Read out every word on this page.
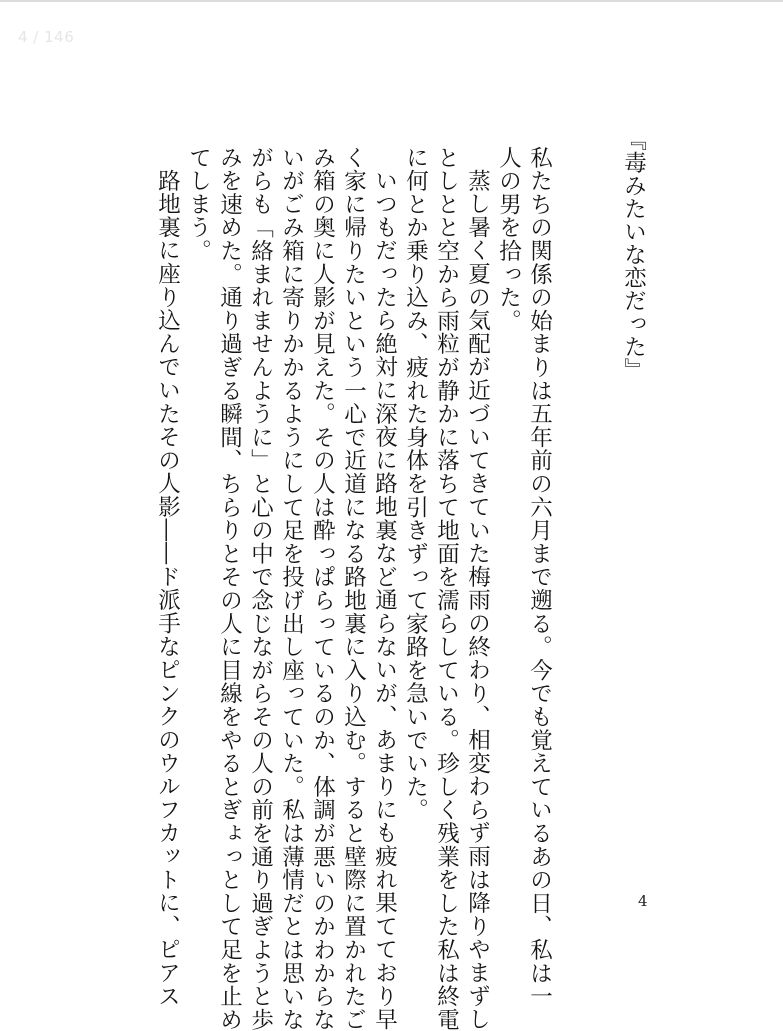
4 / 146
『毒みたいな恋だった』
私たちの関係の始まりは五年前の六月まで遡る。今でも覚えているあの日、私は一
人の男を拾った。
蒸し暑く夏の気配が近づいてきていた梅雨の終わり、相変わらず雨は降りやまずし
としとと空から雨粒が静かに落ちて地面を濡らしている。珍しく残業をした私は終電
に何とか乗り込み、疲れた身体を引きずって家路を急いでいた。
いつもだったら絶対に深夜に路地裏など通らないが、あまりにも疲れ果てており早
く家に帰りたいという一心で近道になる路地裏に入り込む。すると壁際に置かれたご
み箱の奥に人影が見えた。その人は酔っぱらっているのか、体調が悪いのかわからな
いがごみ箱に寄りかかるようにして足を投げ出し座っていた。私は薄情だとは思いな
がらも「絡まれませんように」と心の中で念じながらその人の前を通り過ぎようと歩
みを速めた。通り過ぎる瞬間、ちらりとその人に目線をやるとぎょっとして足を止め
てしまう。
路地裏に座り込んでいたその人影――ド派手なピンクのウルフカットに、ピアス	4
